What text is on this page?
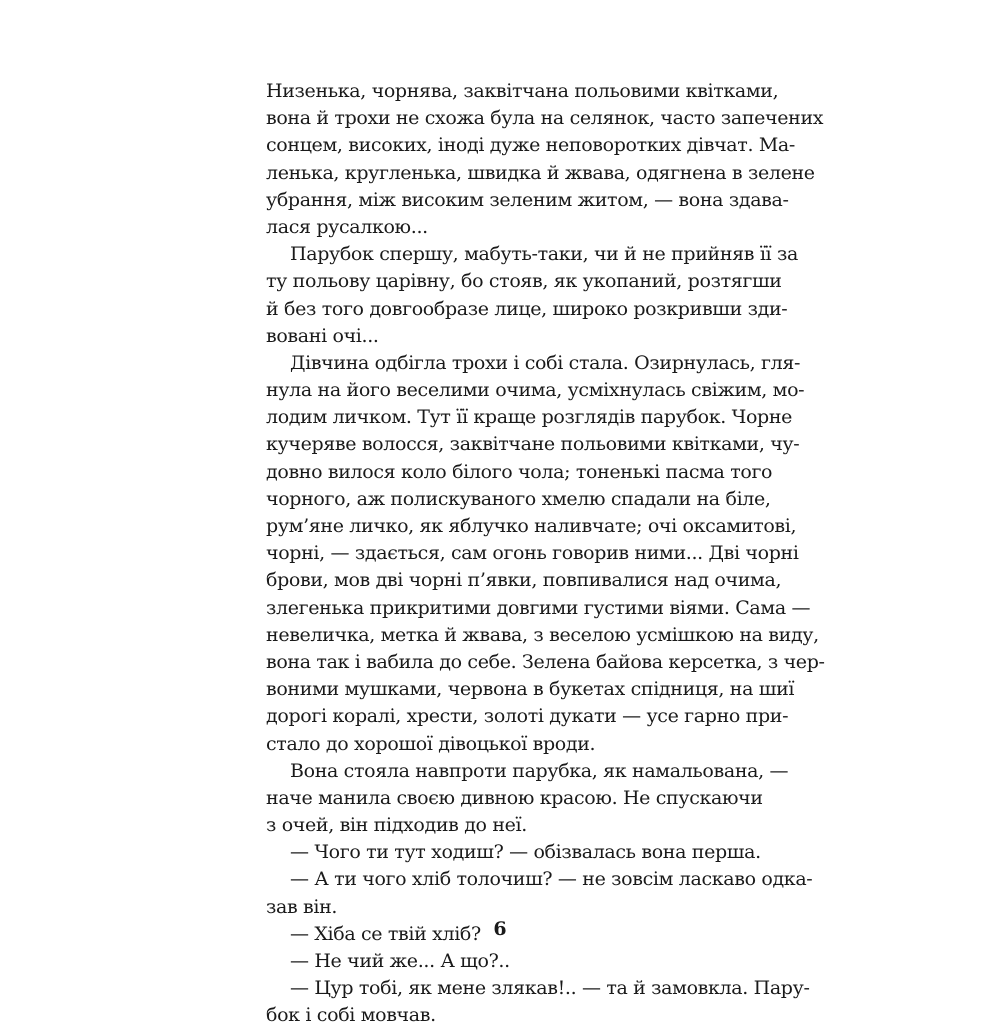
Низенька, чорнява, заквітчана польовими квітками,
вона й трохи не схожа була на селянок, часто запечених
сонцем, високих, іноді дуже неповоротких дівчат. Ма-
ленька, кругленька, швидка й жвава, одягнена в зелене
убрання, між високим зеленим житом, — вона здава-
лася русалкою...
Парубок спершу, мабуть-таки, чи й не прийняв її за
ту польову царівну, бо стояв, як укопаний, розтягши
й без того довгообразе лице, широко розкривши зди-
вовані очі...
Дівчина одбігла трохи і собі стала. Озирнулась, гля-
нула на його веселими очима, усміхнулась свіжим, мо-
лодим личком. Тут її краще розглядів парубок. Чорне
кучеряве волосся, заквітчане польовими квітками, чу-
довно вилося коло білого чола; тоненькі пасма того
чорного, аж полискуваного хмелю спадали на біле,
рум’яне личко, як яблучко наливчате; очі оксамитові,
чорні, — здається, сам огонь говорив ними... Дві чорні
брови, мов дві чорні п’явки, повпивалися над очима,
злегенька прикритими довгими густими віями. Сама —
невеличка, метка й жвава, з веселою усмішкою на виду,
вона так і вабила до себе. Зелена байова керсетка, з чер-
воними мушками, червона в букетах спідниця, на шиї
дорогі коралі, хрести, золоті дукати — усе гарно при-
стало до хорошої дівоцької вроди.
Вона стояла навпроти парубка, як намальована, —
наче манила своєю дивною красою. Не спускаючи
з очей, він підходив до неї.
— Чого ти тут ходиш? — обізвалась вона перша.
— А ти чого хліб толочиш? — не зовсім ласкаво одка-
зав він.
— Хіба се твій хліб?
— Не чий же... А що?..
— Цур тобі, як мене злякав!.. — та й замовкла. Пару-
бок і собі мовчав.
6
